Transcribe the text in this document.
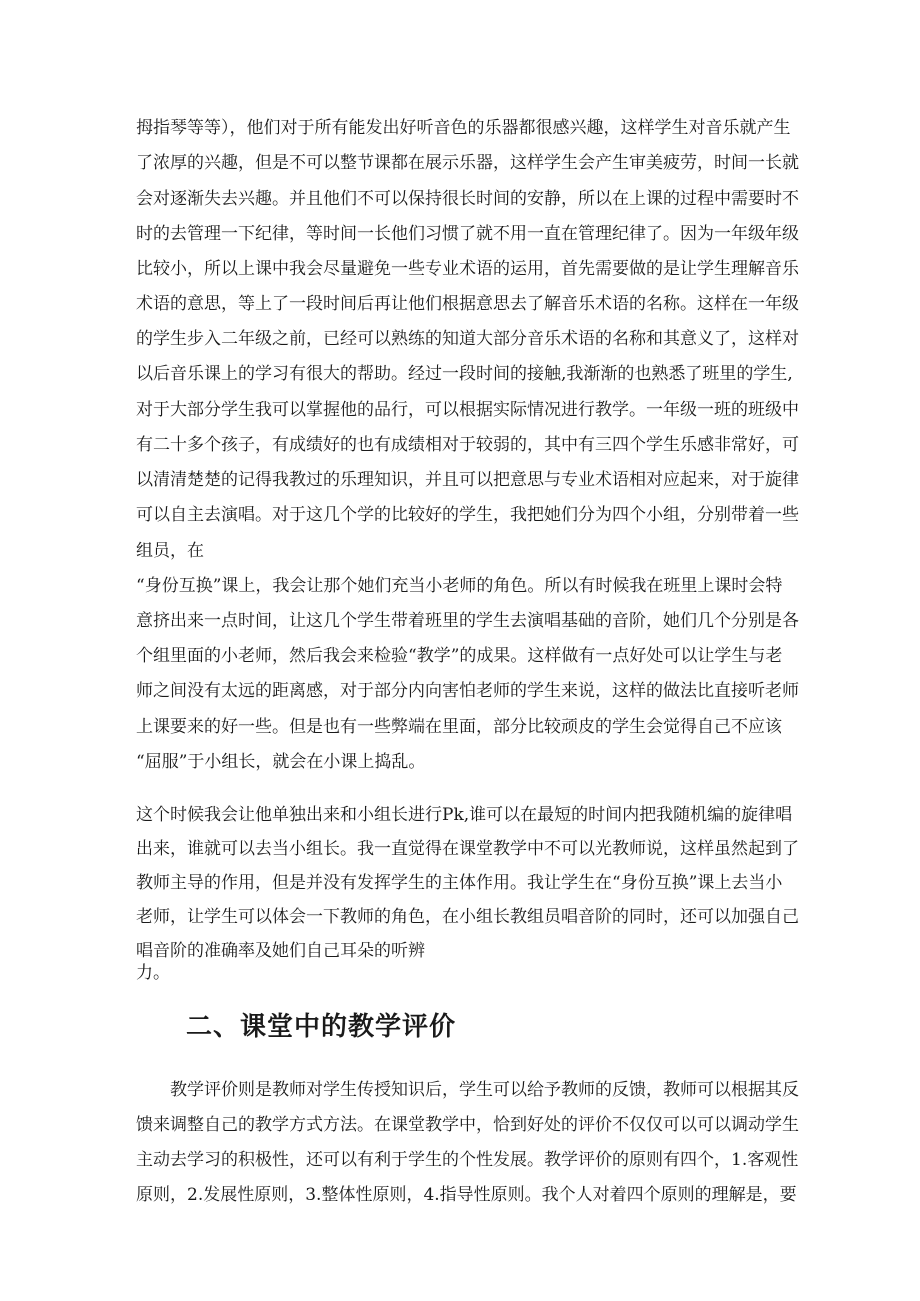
拇指琴等等），他们对于所有能发出好听音色的乐器都很感兴趣，这样学生对音乐就产生

了浓厚的兴趣，但是不可以整节课都在展示乐器，这样学生会产生审美疲劳，时间一长就

会对逐渐失去兴趣。并且他们不可以保持很长时间的安静，所以在上课的过程中需要时不

时的去管理一下纪律，等时间一长他们习惯了就不用一直在管理纪律了。因为一年级年级

比较小，所以上课中我会尽量避免一些专业术语的运用，首先需要做的是让学生理解音乐

术语的意思，等上了一段时间后再让他们根据意思去了解音乐术语的名称。这样在一年级

的学生步入二年级之前，已经可以熟练的知道大部分音乐术语的名称和其意义了，这样对

以后音乐课上的学习有很大的帮助。经过一段时间的接触,我渐渐的也熟悉了班里的学生,

对于大部分学生我可以掌握他的品行，可以根据实际情况进行教学。一年级一班的班级中

有二十多个孩子，有成绩好的也有成绩相对于较弱的，其中有三四个学生乐感非常好，可

以清清楚楚的记得我教过的乐理知识，并且可以把意思与专业术语相对应起来，对于旋律

可以自主去演唱。对于这几个学的比较好的学生，我把她们分为四个小组，分别带着一些

组员，在

“身份互换”课上，我会让那个她们充当小老师的角色。所以有时候我在班里上课时会特

意挤出来一点时间，让这几个学生带着班里的学生去演唱基础的音阶，她们几个分别是各

个组里面的小老师，然后我会来检验“教学”的成果。这样做有一点好处可以让学生与老

师之间没有太远的距离感，对于部分内向害怕老师的学生来说，这样的做法比直接听老师

上课要来的好一些。但是也有一些弊端在里面，部分比较顽皮的学生会觉得自己不应该

“屈服”于小组长，就会在小课上捣乱。

这个时候我会让他单独出来和小组长进行Pk,谁可以在最短的时间内把我随机编的旋律唱

出来，谁就可以去当小组长。我一直觉得在课堂教学中不可以光教师说，这样虽然起到了

教师主导的作用，但是并没有发挥学生的主体作用。我让学生在“身份互换”课上去当小

老师，让学生可以体会一下教师的角色，在小组长教组员唱音阶的同时，还可以加强自己

唱音阶的准确率及她们自己耳朵的听辨

力。

二、课堂中的教学评价

教学评价则是教师对学生传授知识后，学生可以给予教师的反馈，教师可以根据其反

馈来调整自己的教学方式方法。在课堂教学中，恰到好处的评价不仅仅可以可以调动学生

主动去学习的积极性，还可以有利于学生的个性发展。教学评价的原则有四个，1.客观性

原则，2.发展性原则，3.整体性原则，4.指导性原则。我个人对着四个原则的理解是，要
